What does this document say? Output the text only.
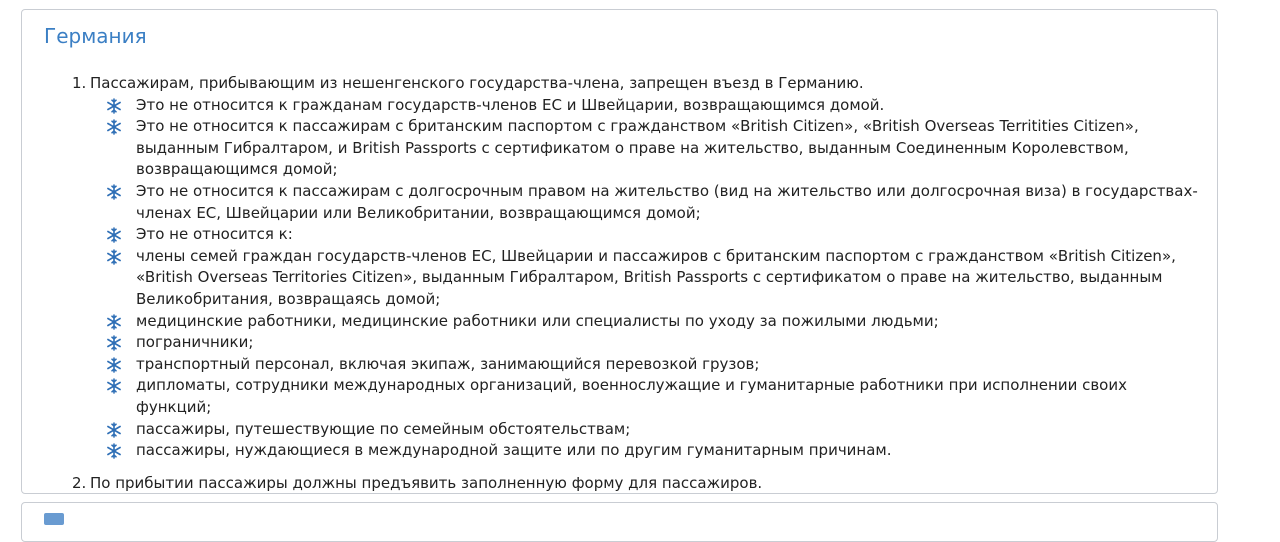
Германия
1. Пассажирам, прибывающим из нешенгенского государства-члена, запрещен въезд в Германию.
Это не относится к гражданам государств-членов ЕС и Швейцарии, возвращающимся домой.
Это не относится к пассажирам с британским паспортом с гражданством «British Citizen», «British Overseas Territities Citizen», выданным Гибралтаром, и British Passports с сертификатом о праве на жительство, выданным Соединенным Королевством, возвращающимся домой;
Это не относится к пассажирам с долгосрочным правом на жительство (вид на жительство или долгосрочная виза) в государствах-членах ЕС, Швейцарии или Великобритании, возвращающимся домой;
Это не относится к:
члены семей граждан государств-членов ЕС, Швейцарии и пассажиров с британским паспортом с гражданством «British Citizen», «British Overseas Territories Citizen», выданным Гибралтаром, British Passports с сертификатом о праве на жительство, выданным Великобритания, возвращаясь домой;
медицинские работники, медицинские работники или специалисты по уходу за пожилыми людьми;
пограничники;
транспортный персонал, включая экипаж, занимающийся перевозкой грузов;
дипломаты, сотрудники международных организаций, военнослужащие и гуманитарные работники при исполнении своих функций;
пассажиры, путешествующие по семейным обстоятельствам;
пассажиры, нуждающиеся в международной защите или по другим гуманитарным причинам.
2. По прибытии пассажиры должны предъявить заполненную форму для пассажиров.
